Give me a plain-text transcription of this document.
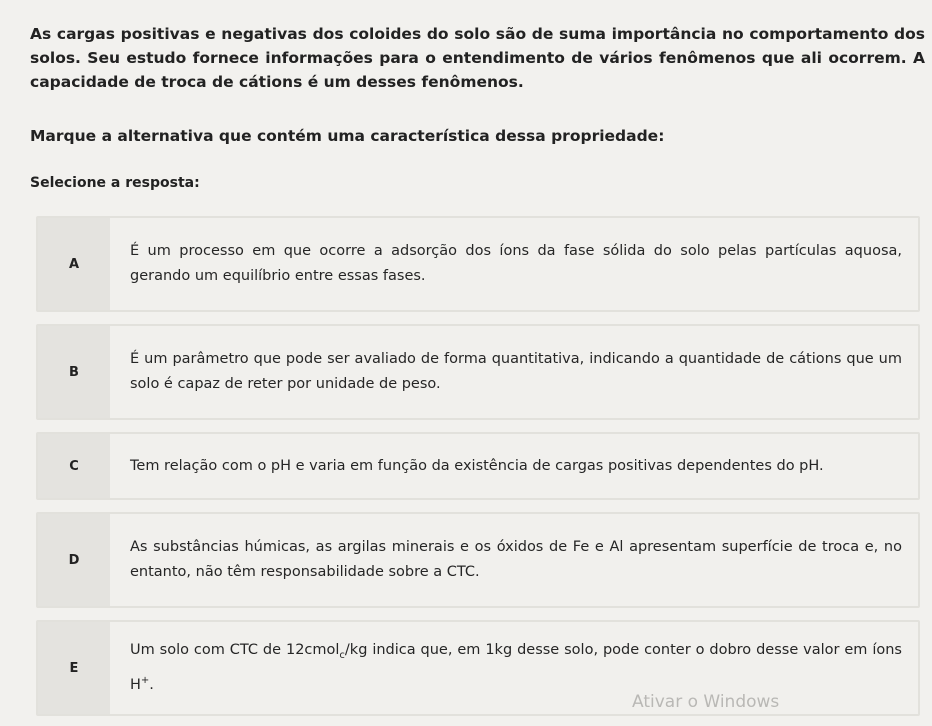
As cargas positivas e negativas dos coloides do solo são de suma importância no comportamento dos solos. Seu estudo fornece informações para o entendimento de vários fenômenos que ali ocorrem. A capacidade de troca de cátions é um desses fenômenos.

Marque a alternativa que contém uma característica dessa propriedade:

Selecione a resposta:

A
É um processo em que ocorre a adsorção dos íons da fase sólida do solo pelas partículas aquosa, gerando um equilíbrio entre essas fases.
B
É um parâmetro que pode ser avaliado de forma quantitativa, indicando a quantidade de cátions que um solo é capaz de reter por unidade de peso.
C	Tem relação com o pH e varia em função da existência de cargas positivas dependentes do pH.
D
As substâncias húmicas, as argilas minerais e os óxidos de Fe e Al apresentam superfície de troca e, no entanto, não têm responsabilidade sobre a CTC.
E
Um solo com CTC de 12cmol$_c$/kg indica que, em 1kg desse solo, pode conter o dobro desse valor em íons H+.
Ativar o Windows
